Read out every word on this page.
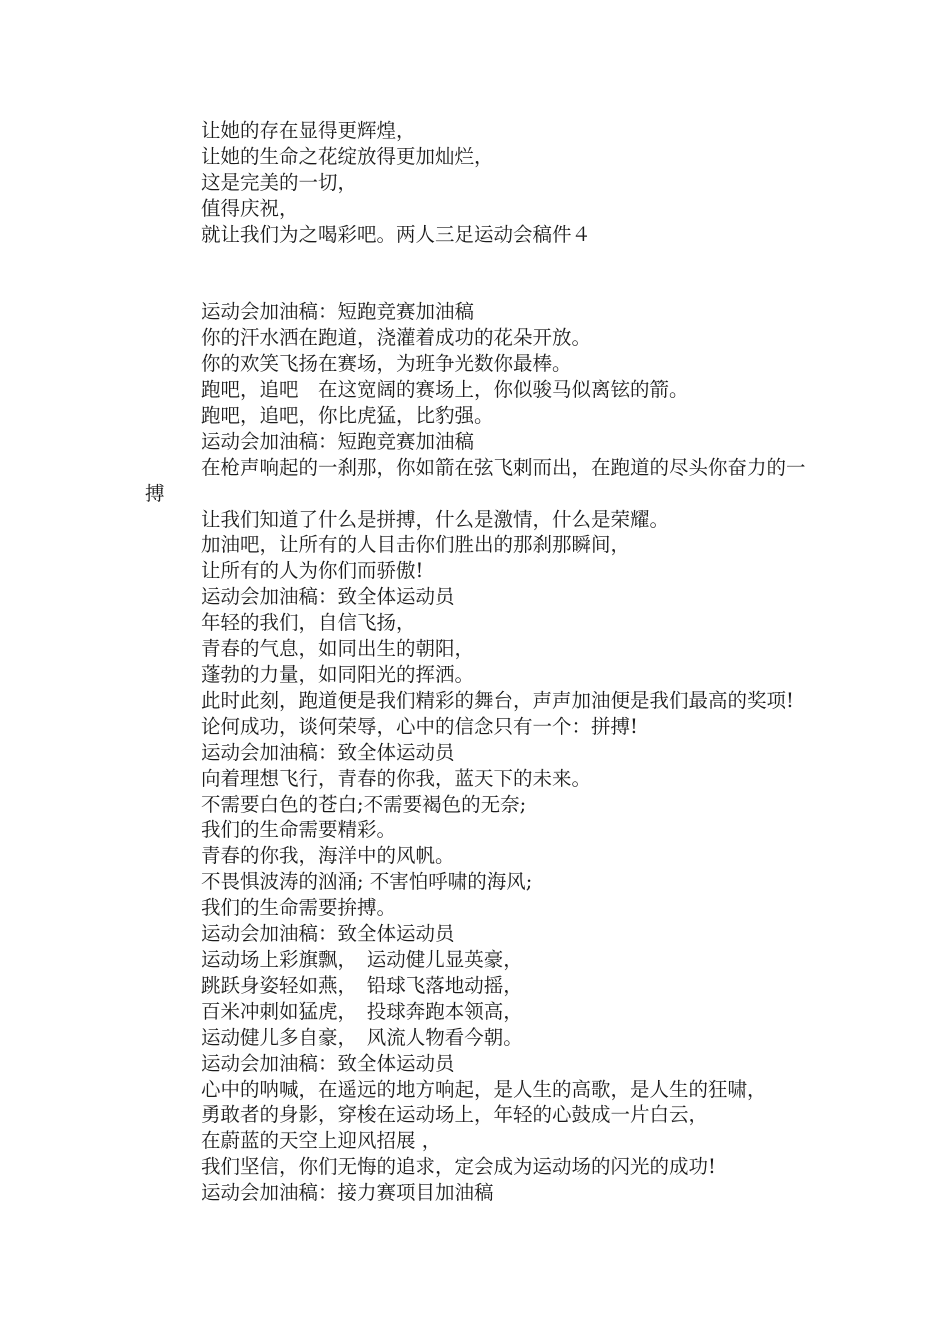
让她的存在显得更辉煌，

让她的生命之花绽放得更加灿烂，

这是完美的一切，

值得庆祝，

就让我们为之喝彩吧。两人三足运动会稿件４

运动会加油稿：短跑竞赛加油稿

你的汗水洒在跑道，浇灌着成功的花朵开放。

你的欢笑飞扬在赛场，为班争光数你最棒。

跑吧，追吧　在这宽阔的赛场上，你似骏马似离铉的箭。

跑吧，追吧，你比虎猛，比豹强。

运动会加油稿：短跑竞赛加油稿

在枪声响起的一刹那，你如箭在弦飞刺而出，在跑道的尽头你奋力的一搏

让我们知道了什么是拼搏，什么是激情，什么是荣耀。

加油吧，让所有的人目击你们胜出的那刹那瞬间，

让所有的人为你们而骄傲!

运动会加油稿：致全体运动员

年轻的我们，自信飞扬，

青春的气息，如同出生的朝阳，

蓬勃的力量，如同阳光的挥洒。

此时此刻，跑道便是我们精彩的舞台，声声加油便是我们最高的奖项!

论何成功，谈何荣辱，心中的信念只有一个：拼搏!

运动会加油稿：致全体运动员

向着理想飞行，青春的你我，蓝天下的未来。

不需要白色的苍白;不需要褐色的无奈;

我们的生命需要精彩。

青春的你我，海洋中的风帆。

不畏惧波涛的汹涌; 不害怕呼啸的海风;

我们的生命需要拚搏。

运动会加油稿：致全体运动员

运动场上彩旗飘，　运动健儿显英豪，

跳跃身姿轻如燕，　铅球飞落地动摇，

百米冲刺如猛虎，　投球奔跑本领高，

运动健儿多自豪，　风流人物看今朝。

运动会加油稿：致全体运动员

心中的呐喊，在遥远的地方响起，是人生的高歌，是人生的狂啸，

勇敢者的身影，穿梭在运动场上，年轻的心鼓成一片白云，

在蔚蓝的天空上迎风招展 ，

我们坚信，你们无悔的追求，定会成为运动场的闪光的成功!

运动会加油稿：接力赛项目加油稿
